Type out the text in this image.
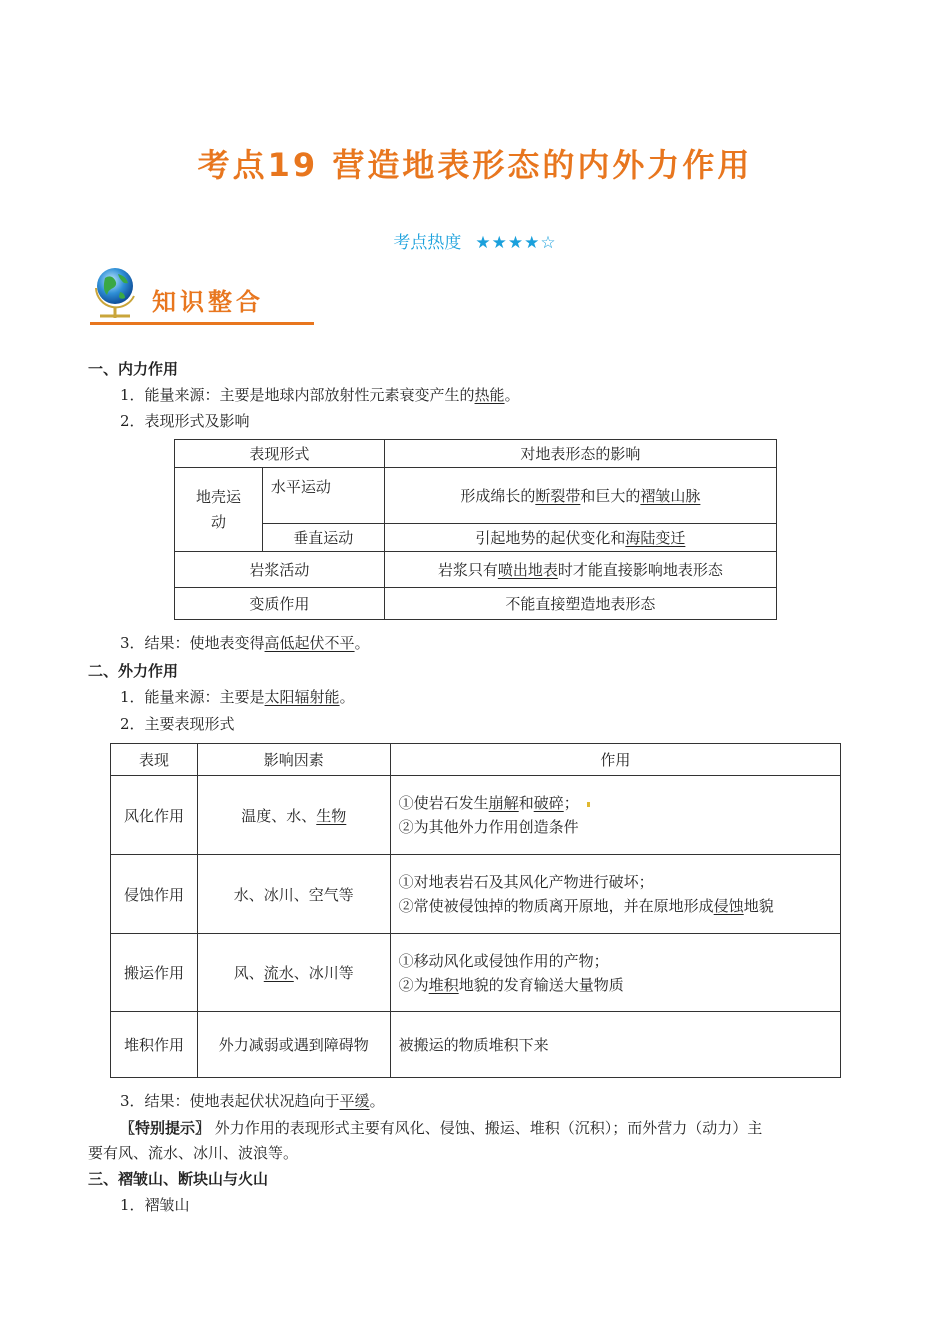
考点19 营造地表形态的内外力作用
考点热度 ★★★★☆
知识整合
一、内力作用
1．能量来源：主要是地球内部放射性元素衰变产生的热能。
2．表现形式及影响
表现形式		对地表形态的影响
地壳运动	水平运动	形成绵长的断裂带和巨大的褶皱山脉
	垂直运动	引起地势的起伏变化和海陆变迁
岩浆活动		岩浆只有喷出地表时才能直接影响地表形态
变质作用		不能直接塑造地表形态
3．结果：使地表变得高低起伏不平。
二、外力作用
1．能量来源：主要是太阳辐射能。
2．主要表现形式
表现	影响因素	作用
风化作用	温度、水、生物	①使岩石发生崩解和破碎；
②为其他外力作用创造条件

侵蚀作用	水、冰川、空气等	①对地表岩石及其风化产物进行破坏；
②常使被侵蚀掉的物质离开原地，并在原地形成侵蚀地貌

搬运作用	风、流水、冰川等	①移动风化或侵蚀作用的产物；
②为堆积地貌的发育输送大量物质

堆积作用	外力减弱或遇到障碍物	被搬运的物质堆积下来
3．结果：使地表起伏状况趋向于平缓。
〖特别提示〗 外力作用的表现形式主要有风化、侵蚀、搬运、堆积（沉积）；而外营力（动力）主
要有风、流水、冰川、波浪等。
三、褶皱山、断块山与火山
1．褶皱山
